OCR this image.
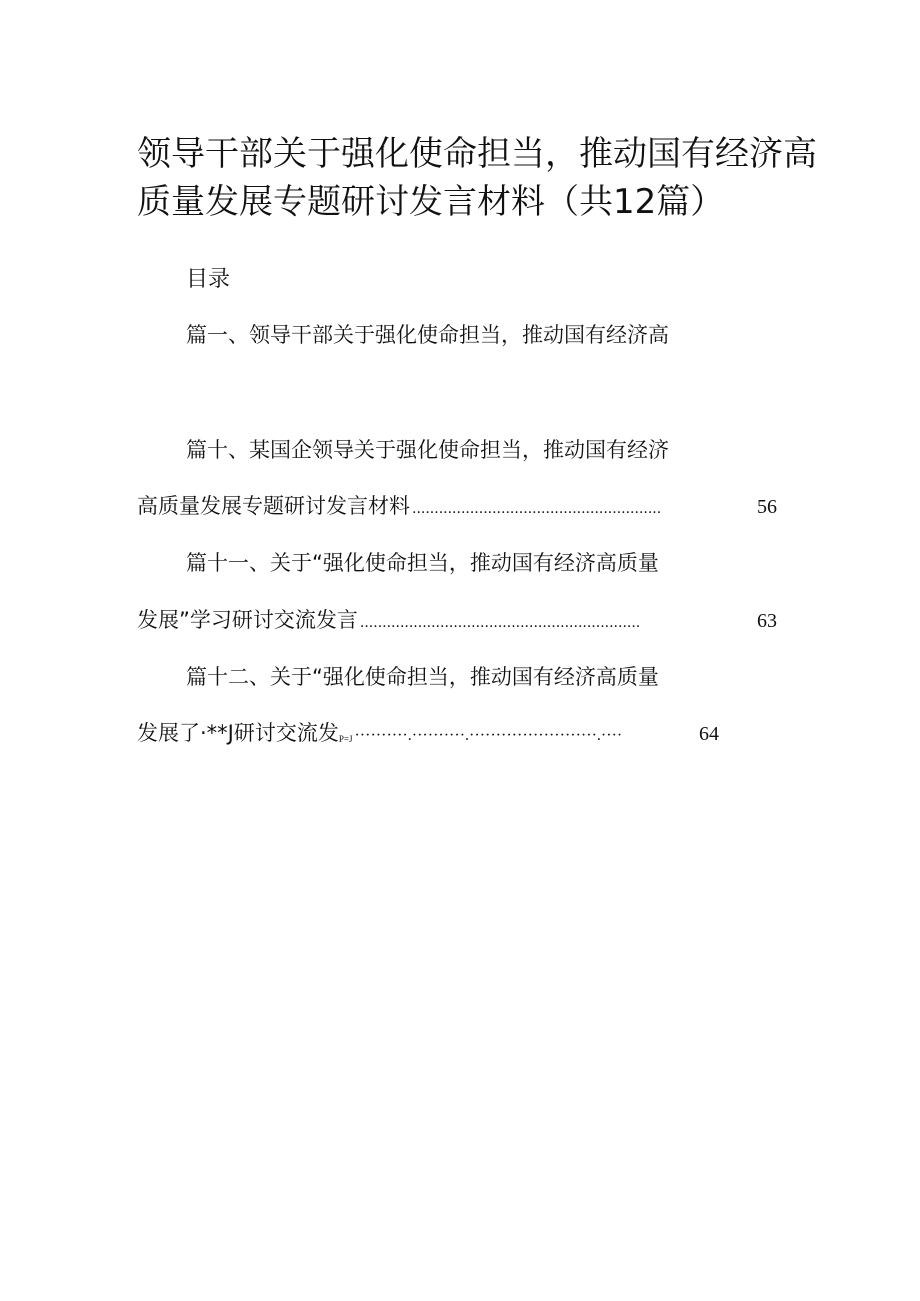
领导干部关于强化使命担当，推动国有经济高
质量发展专题研讨发言材料（共12篇）
目录
篇一、领导干部关于强化使命担当，推动国有经济高
篇十、某国企领导关于强化使命担当，推动国有经济
高质量发展专题研讨发言材料 ........................................................	56
篇十一、关于“强化使命担当，推动国有经济高质量
发展”学习研讨交流发言 ...............................................................	63
篇十二、关于“强化使命担当，推动国有经济高质量
发展了·**J研讨交流发P=J ··········.··········.························.····	64
